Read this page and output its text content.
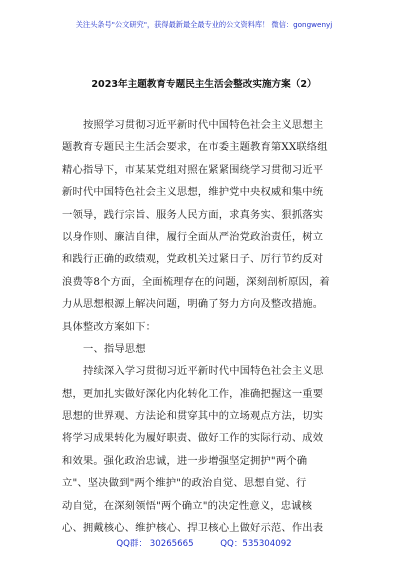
关注头条号"公文研究"，获得最新最全最专业的公文资料库！ 微信：gongwenyj
2023年主题教育专题民主生活会整改实施方案（2）
按照学习贯彻习近平新时代中国特色社会主义思想主
题教育专题民主生活会要求，在市委主题教育第XX联络组
精心指导下，市某某党组对照在紧紧围绕学习贯彻习近平
新时代中国特色社会主义思想，维护党中央权威和集中统
一领导，践行宗旨、服务人民方面，求真务实、狠抓落实
以身作则、廉洁自律，履行全面从严治党政治责任，树立
和践行正确的政绩观，党政机关过紧日子、厉行节约反对
浪费等8个方面，全面梳理存在的问题，深刻剖析原因，着
力从思想根源上解决问题，明确了努力方向及整改措施。
具体整改方案如下：
一、指导思想
持续深入学习贯彻习近平新时代中国特色社会主义思
想，更加扎实做好深化内化转化工作，准确把握这一重要
思想的世界观、方法论和贯穿其中的立场观点方法，切实
将学习成果转化为履好职责、做好工作的实际行动、成效
和效果。强化政治忠诚，进一步增强坚定拥护"两个确
立"、坚决做到"两个维护"的政治自觉、思想自觉、行
动自觉，在深刻领悟"两个确立"的决定性意义，忠诚核
心、拥戴核心、维护核心、捍卫核心上做好示范、作出表
QQ群： 30265665	QQ：535304092
